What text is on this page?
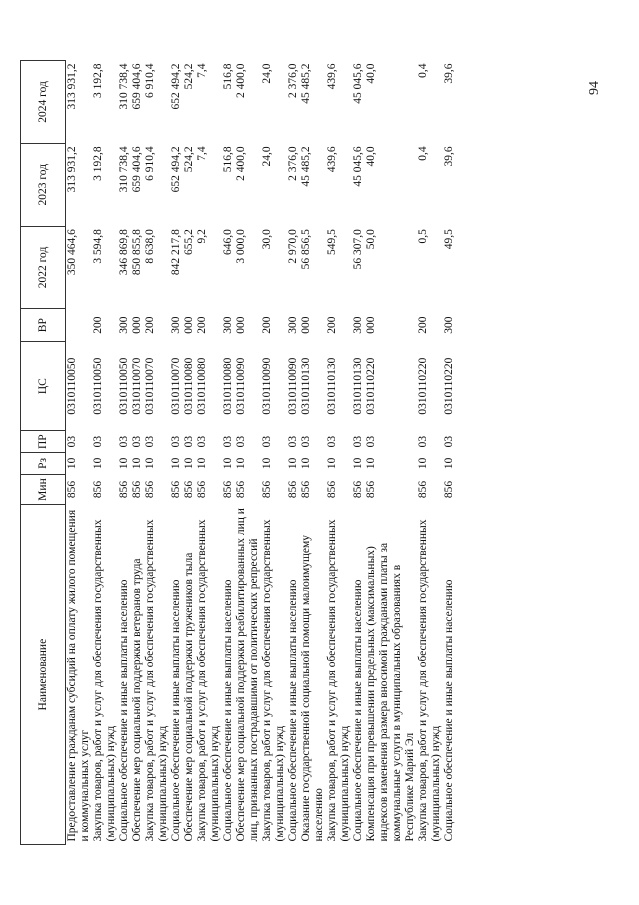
94
Наименование	Мин	Рз	ПР	ЦС	ВР	2022 год	2023 год	2024 год
Предоставление гражданам субсидий на оплату жилого помещения и коммунальных услуг	856	10	03	0310110050		350 464,6	313 931,2	313 931,2
Закупка товаров, работ и услуг для обеспечения государственных (муниципальных) нужд	856	10	03	0310110050	200	3 594,8	3 192,8	3 192,8
Социальное обеспечение и иные выплаты населению	856	10	03	0310110050	300	346 869,8	310 738,4	310 738,4
Обеспечение мер социальной поддержки ветеранов труда	856	10	03	0310110070	000	850 855,8	659 404,6	659 404,6
Закупка товаров, работ и услуг для обеспечения государственных (муниципальных) нужд	856	10	03	0310110070	200	8 638,0	6 910,4	6 910,4
Социальное обеспечение и иные выплаты населению	856	10	03	0310110070	300	842 217,8	652 494,2	652 494,2
Обеспечение мер социальной поддержки тружеников тыла	856	10	03	0310110080	000	655,2	524,2	524,2
Закупка товаров, работ и услуг для обеспечения государственных (муниципальных) нужд	856	10	03	0310110080	200	9,2	7,4	7,4
Социальное обеспечение и иные выплаты населению	856	10	03	0310110080	300	646,0	516,8	516,8
Обеспечение мер социальной поддержки реабилитированных лиц и лиц, признанных пострадавшими от политических репрессий	856	10	03	0310110090	000	3 000,0	2 400,0	2 400,0
Закупка товаров, работ и услуг для обеспечения государственных (муниципальных) нужд	856	10	03	0310110090	200	30,0	24,0	24,0
Социальное обеспечение и иные выплаты населению	856	10	03	0310110090	300	2 970,0	2 376,0	2 376,0
Оказание государственной социальной помощи малоимущему населению	856	10	03	0310110130	000	56 856,5	45 485,2	45 485,2
Закупка товаров, работ и услуг для обеспечения государственных (муниципальных) нужд	856	10	03	0310110130	200	549,5	439,6	439,6
Социальное обеспечение и иные выплаты населению	856	10	03	0310110130	300	56 307,0	45 045,6	45 045,6
Компенсация при превышении предельных (максимальных) индексов изменения размера вносимой гражданами платы за коммунальные услуги в муниципальных образованиях в Республике Марий Эл	856	10	03	0310110220	000	50,0	40,0	40,0
Закупка товаров, работ и услуг для обеспечения государственных (муниципальных) нужд	856	10	03	0310110220	200	0,5	0,4	0,4
Социальное обеспечение и иные выплаты населению	856	10	03	0310110220	300	49,5	39,6	39,6
